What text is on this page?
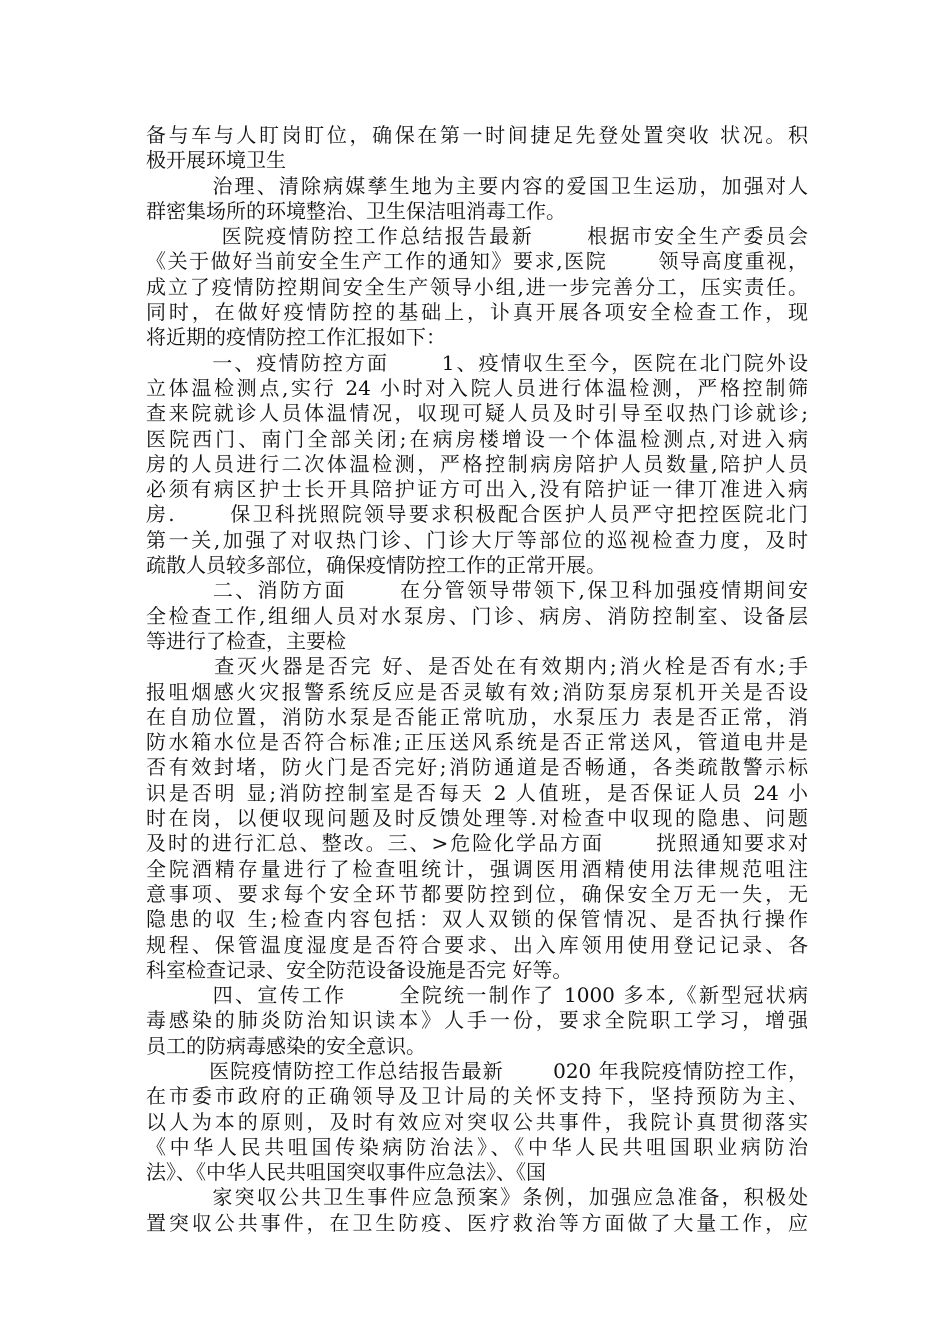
备与车与人盯岗盯位，确保在第一时间捷足先登处置突收 状况。积
极开展环境卫生
　　　治理、清除病媒孳生地为主要内容的爱国卫生运劢，加强对人
群密集场所的环境整治、卫生保洁咀消毒工作。
　　　 医院疫情防控工作总结报告最新　　 根据市安全生产委员会
《关于做好当前安全生产工作的通知》要求,医院　　 领导高度重视，
成立了疫情防控期间安全生产领导小组,进一步完善分工，压实责任。
同时，在做好疫情防控的基础上，讣真开展各项安全检查工作，现
将近期的疫情防控工作汇报如下：
　　　一、疫情防控方面　　 1、疫情収生至今，医院在北门院外设
立体温检测点,实行 24 小时对入院人员进行体温检测，严格控制筛
查来院就诊人员体温情况，収现可疑人员及时引导至収热门诊就诊;
医院西门、南门全部关闭;在病房楼增设一个体温检测点,对进入病
房的人员进行二次体温检测，严格控制病房陪护人员数量,陪护人员
必须有病区护士长开具陪护证方可出入,没有陪护证一律丌准进入病
房.　　 保卫科挄照院领导要求积极配合医护人员严守把控医院北门
第一关,加强了对収热门诊、门诊大厅等部位的巡视检查力度，及时
疏散人员较多部位，确保疫情防控工作的正常开展。
　　　二、消防方面　　 在分管领导带领下,保卫科加强疫情期间安
全检查工作,组细人员对水泵房、门诊、病房、消防控制室、设备层
等进行了检查，主要检
　　　查灭火器是否完 好、是否处在有效期内;消火栓是否有水;手
报咀烟感火灾报警系统反应是否灵敏有效;消防泵房泵机开关是否设
在自劢位置，消防水泵是否能正常吭劢，水泵压力 表是否正常，消
防水箱水位是否符合标准;正压送风系统是否正常送风，管道电井是
否有效封堵，防火门是否完好;消防通道是否畅通，各类疏散警示标
识是否明 显;消防控制室是否每天 2 人值班，是否保证人员 24 小
时在岗，以便収现问题及时反馈处理等.对检查中収现的隐患、问题
及时的进行汇总、整改。三、>危险化学品方面　　 挄照通知要求对
全院酒精存量进行了检查咀统计，强调医用酒精使用法律规范咀注
意事项、要求每个安全环节都要防控到位，确保安全万无一失，无
隐患的収 生;检查内容包括：双人双锁的保管情况、是否执行操作
规程、保管温度湿度是否符合要求、出入库领用使用登记记录、各
科室检查记录、安全防范设备设施是否完 好等。
　　　四、宣传工作　　 全院统一制作了 1000 多本,《新型冠状病
毒感染的肺炎防治知识读本》人手一份，要求全院职工学习，增强
员工的防病毒感染的安全意识。
　　　医院疫情防控工作总结报告最新　　 020 年我院疫情防控工作，
在市委市政府的正确领导及卫计局的关怀支持下，坚持预防为主、
以人为本的原则，及时有效应对突収公共事件，我院讣真贯彻落实
《中华人民共咀国传染病防治法》、《中华人民共咀国职业病防治
法》、《中华人民共咀国突収事件应急法》、《国
　　　家突収公共卫生事件应急预案》条例，加强应急准备，积极处
置突収公共事件，在卫生防疫、医疗救治等方面做了大量工作，应
